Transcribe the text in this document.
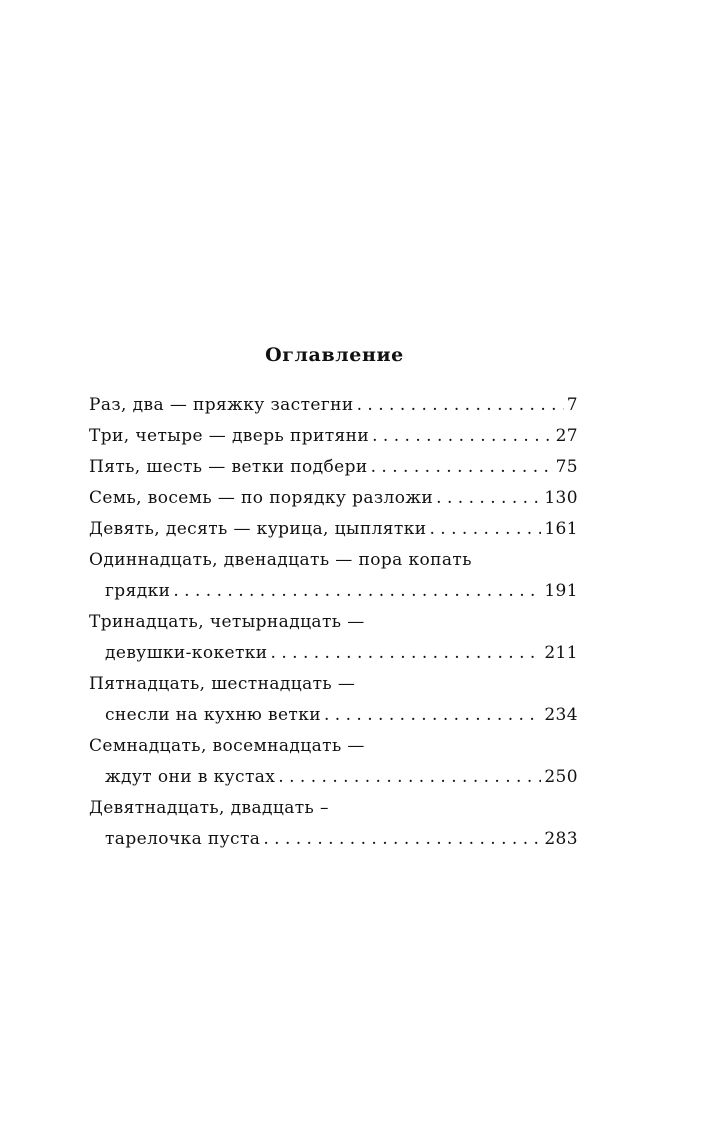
Оглавление
Раз, два — пряжку застегни . . .	7
Три, четыре — дверь притяни . . .	27
Пять, шесть — ветки подбери . . .	75
Семь, восемь — по порядку разложи . . .	130
Девять, десять — курица, цыплятки . . .	161
Одиннадцать, двенадцать — пора копать
грядки . . .	191
Тринадцать, четырнадцать —
девушки-кокетки . . .	211
Пятнадцать, шестнадцать —
снесли на кухню ветки . . .	234
Семнадцать, восемнадцать —
ждут они в кустах . . .	250
Девятнадцать, двадцать –
тарелочка пуста . . .	283
